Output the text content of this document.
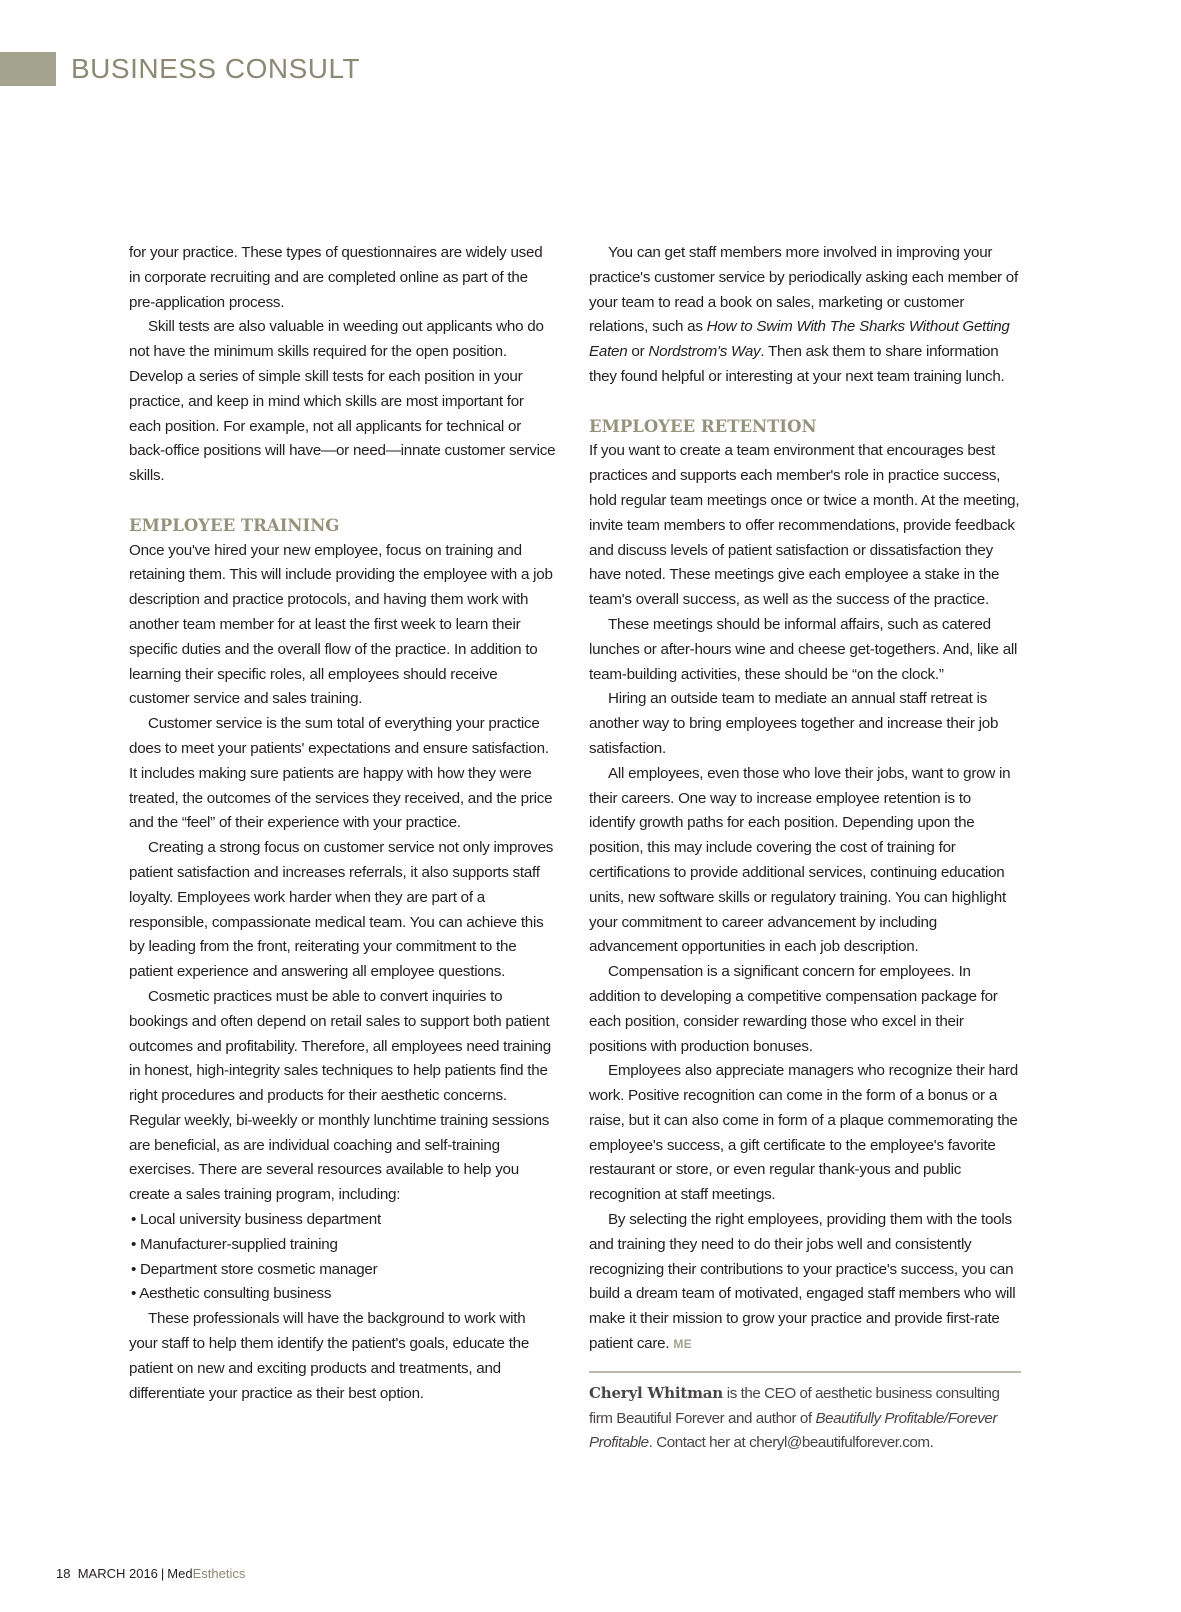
BUSINESS CONSULT

for your practice. These types of questionnaires are widely used in corporate recruiting and are completed online as part of the pre-application process.

Skill tests are also valuable in weeding out applicants who do not have the minimum skills required for the open position. Develop a series of simple skill tests for each position in your practice, and keep in mind which skills are most important for each position. For example, not all applicants for technical or back-office positions will have—or need—innate customer service skills.

EMPLOYEE TRAINING

Once you've hired your new employee, focus on training and retaining them. This will include providing the employee with a job description and practice protocols, and having them work with another team member for at least the first week to learn their specific duties and the overall flow of the practice. In addition to learning their specific roles, all employees should receive customer service and sales training.

Customer service is the sum total of everything your practice does to meet your patients' expectations and ensure satisfaction. It includes making sure patients are happy with how they were treated, the outcomes of the services they received, and the price and the “feel” of their experience with your practice.

Creating a strong focus on customer service not only improves patient satisfaction and increases referrals, it also supports staff loyalty. Employees work harder when they are part of a responsible, compassionate medical team. You can achieve this by leading from the front, reiterating your commitment to the patient experience and answering all employee questions.

Cosmetic practices must be able to convert inquiries to bookings and often depend on retail sales to support both patient outcomes and profitability. Therefore, all employees need training in honest, high-integrity sales techniques to help patients find the right procedures and products for their aesthetic concerns. Regular weekly, bi-weekly or monthly lunchtime training sessions are beneficial, as are individual coaching and self-training exercises. There are several resources available to help you create a sales training program, including:

• Local university business department

• Manufacturer-supplied training

• Department store cosmetic manager

• Aesthetic consulting business

These professionals will have the background to work with your staff to help them identify the patient's goals, educate the patient on new and exciting products and treatments, and differentiate your practice as their best option.

You can get staff members more involved in improving your practice's customer service by periodically asking each member of your team to read a book on sales, marketing or customer relations, such as How to Swim With The Sharks Without Getting Eaten or Nordstrom's Way. Then ask them to share information they found helpful or interesting at your next team training lunch.

EMPLOYEE RETENTION

If you want to create a team environment that encourages best practices and supports each member's role in practice success, hold regular team meetings once or twice a month. At the meeting, invite team members to offer recommendations, provide feedback and discuss levels of patient satisfaction or dissatisfaction they have noted. These meetings give each employee a stake in the team's overall success, as well as the success of the practice.

These meetings should be informal affairs, such as catered lunches or after-hours wine and cheese get-togethers. And, like all team-building activities, these should be “on the clock.”

Hiring an outside team to mediate an annual staff retreat is another way to bring employees together and increase their job satisfaction.

All employees, even those who love their jobs, want to grow in their careers. One way to increase employee retention is to identify growth paths for each position. Depending upon the position, this may include covering the cost of training for certifications to provide additional services, continuing education units, new software skills or regulatory training. You can highlight your commitment to career advancement by including advancement opportunities in each job description.

Compensation is a significant concern for employees. In addition to developing a competitive compensation package for each position, consider rewarding those who excel in their positions with production bonuses.

Employees also appreciate managers who recognize their hard work. Positive recognition can come in the form of a bonus or a raise, but it can also come in form of a plaque commemorating the employee's success, a gift certificate to the employee's favorite restaurant or store, or even regular thank-yous and public recognition at staff meetings.

By selecting the right employees, providing them with the tools and training they need to do their jobs well and consistently recognizing their contributions to your practice's success, you can build a dream team of motivated, engaged staff members who will make it their mission to grow your practice and provide first-rate patient care. ME

Cheryl Whitman is the CEO of aesthetic business consulting firm Beautiful Forever and author of Beautifully Profitable/Forever Profitable. Contact her at cheryl@beautifulforever.com.

18 MARCH 2016 | MedEsthetics
